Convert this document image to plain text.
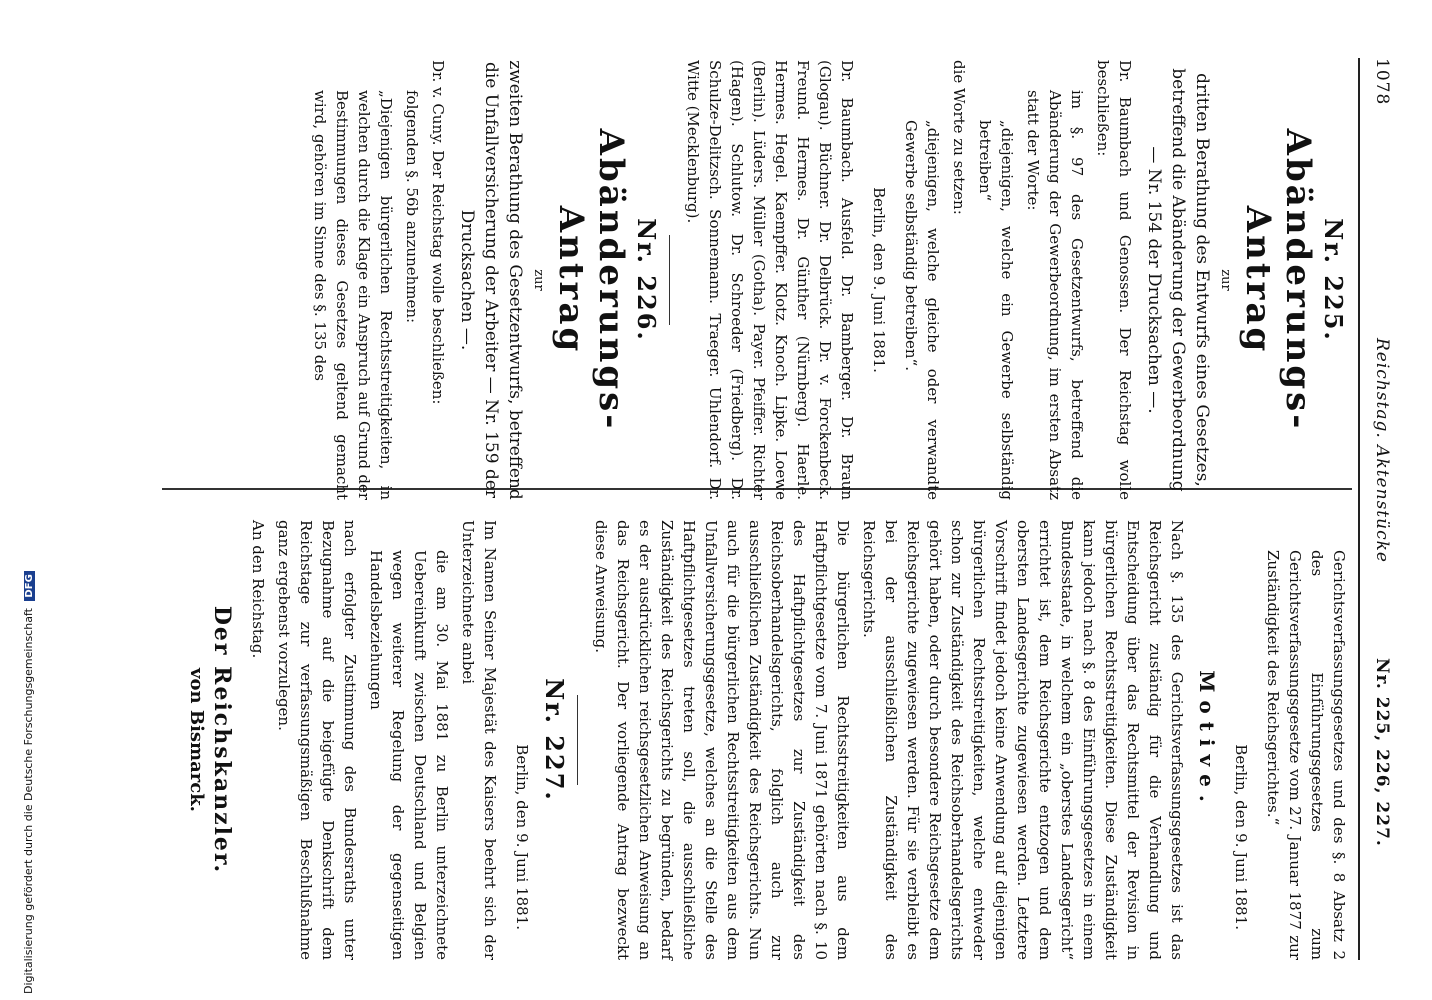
Digitalisierung gefördert durch die Deutsche Forschungsgemeinschaft DFG
1078
Reichstag. Aktenstücke
Nr. 225, 226, 227.
Nr. 225.
Abänderungs-Antrag
zur
dritten Berathung des Entwurfs eines Gesetzes, betreffend die Abänderung der Gewerbeordnung — Nr. 154 der Drucksachen —.

Dr. Baumbach und Genossen. Der Reichstag wolle beschließen:

im §. 97 des Gesetzentwurfs, betreffend die Abänderung der Gewerbeordnung, im ersten Absatz statt der Worte:

„diejenigen, welche ein Gewerbe selbständig betreiben“

die Worte zu setzen:

„diejenigen, welche gleiche oder verwandte Gewerbe selbständig betreiben“.

Berlin, den 9. Juni 1881.

Dr. Baumbach. Ausfeld. Dr. Bamberger. Dr. Braun (Glogau). Büchner. Dr. Delbrück. Dr. v. Forckenbeck. Freund. Hermes. Dr. Günther (Nürnberg). Haerle. Hermes. Hegel. Kaempffer. Klotz. Knoch. Lipke. Loewe (Berlin). Lüders. Müller (Gotha). Payer. Pfeiffer. Richter (Hagen). Schlutow. Dr. Schroeder (Friedberg). Dr. Schulze-Delitzsch. Sonnemann. Traeger. Uhlendorf. Dr. Witte (Mecklenburg).

Nr. 226.
Abänderungs-Antrag
zur
zweiten Berathung des Gesetzentwurfs, betreffend die Unfallversicherung der Arbeiter — Nr. 159 der Drucksachen —.

Dr. v. Cuny. Der Reichstag wolle beschließen:

folgenden §. 56b anzunehmen:

„Diejenigen bürgerlichen Rechtsstreitigkeiten, in welchen durch die Klage ein Anspruch auf Grund der Bestimmungen dieses Gesetzes geltend gemacht wird, gehören im Sinne des §. 135 des

Gerichtsverfassungsgesetzes und des §. 8 Absatz 2 des Einführungsgesetzes zum Gerichtsverfassungsgesetze vom 27. Januar 1877 zur Zuständigkeit des Reichsgerichtes.“

Berlin, den 9. Juni 1881.
Motive.

Nach §. 135 des Gerichtsverfassungsgesetzes ist das Reichsgericht zuständig für die Verhandlung und Entscheidung über das Rechtsmittel der Revision in bürgerlichen Rechtsstreitigkeiten. Diese Zuständigkeit kann jedoch nach §. 8 des Einführungsgesetzes in einem Bundesstaate, in welchem ein „oberstes Landesgericht“ errichtet ist, dem Reichsgerichte entzogen und dem obersten Landesgerichte zugewiesen werden. Letztere Vorschrift findet jedoch keine Anwendung auf diejenigen bürgerlichen Rechtsstreitigkeiten, welche entweder schon zur Zuständigkeit des Reichsoberhandelsgerichts gehört haben, oder durch besondere Reichsgesetze dem Reichsgerichte zugewiesen werden. Für sie verbleibt es bei der ausschließlichen Zuständigkeit des Reichsgerichts.

Die bürgerlichen Rechtsstreitigkeiten aus dem Haftpflichtgesetze vom 7. Juni 1871 gehörten nach §. 10 des Haftpflichtgesetzes zur Zuständigkeit des Reichsoberhandelsgerichts, folglich auch zur ausschließlichen Zuständigkeit des Reichsgerichts. Nun auch für die bürgerlichen Rechtsstreitigkeiten aus dem Unfallversicherungsgesetze, welches an die Stelle des Haftpflichtgesetzes treten soll, die ausschließliche Zuständigkeit des Reichsgerichts zu begründen, bedarf es der ausdrücklichen reichsgesetzlichen Anweisung an das Reichsgericht. Der vorliegende Antrag bezweckt diese Anweisung.

Nr. 227.
Berlin, den 9. Juni 1881.

Im Namen Seiner Majestät des Kaisers beehrt sich der Unterzeichnete anbei

die am 30. Mai 1881 zu Berlin unterzeichnete Uebereinkunft zwischen Deutschland und Belgien wegen weiterer Regelung der gegenseitigen Handelsbeziehungen

nach erfolgter Zustimmung des Bundesraths unter Bezugnahme auf die beigefügte Denkschrift dem Reichstage zur verfassungsmäßigen Beschlußnahme ganz ergebenst vorzulegen.

An den Reichstag.

Der Reichskanzler.
von Bismarck.
